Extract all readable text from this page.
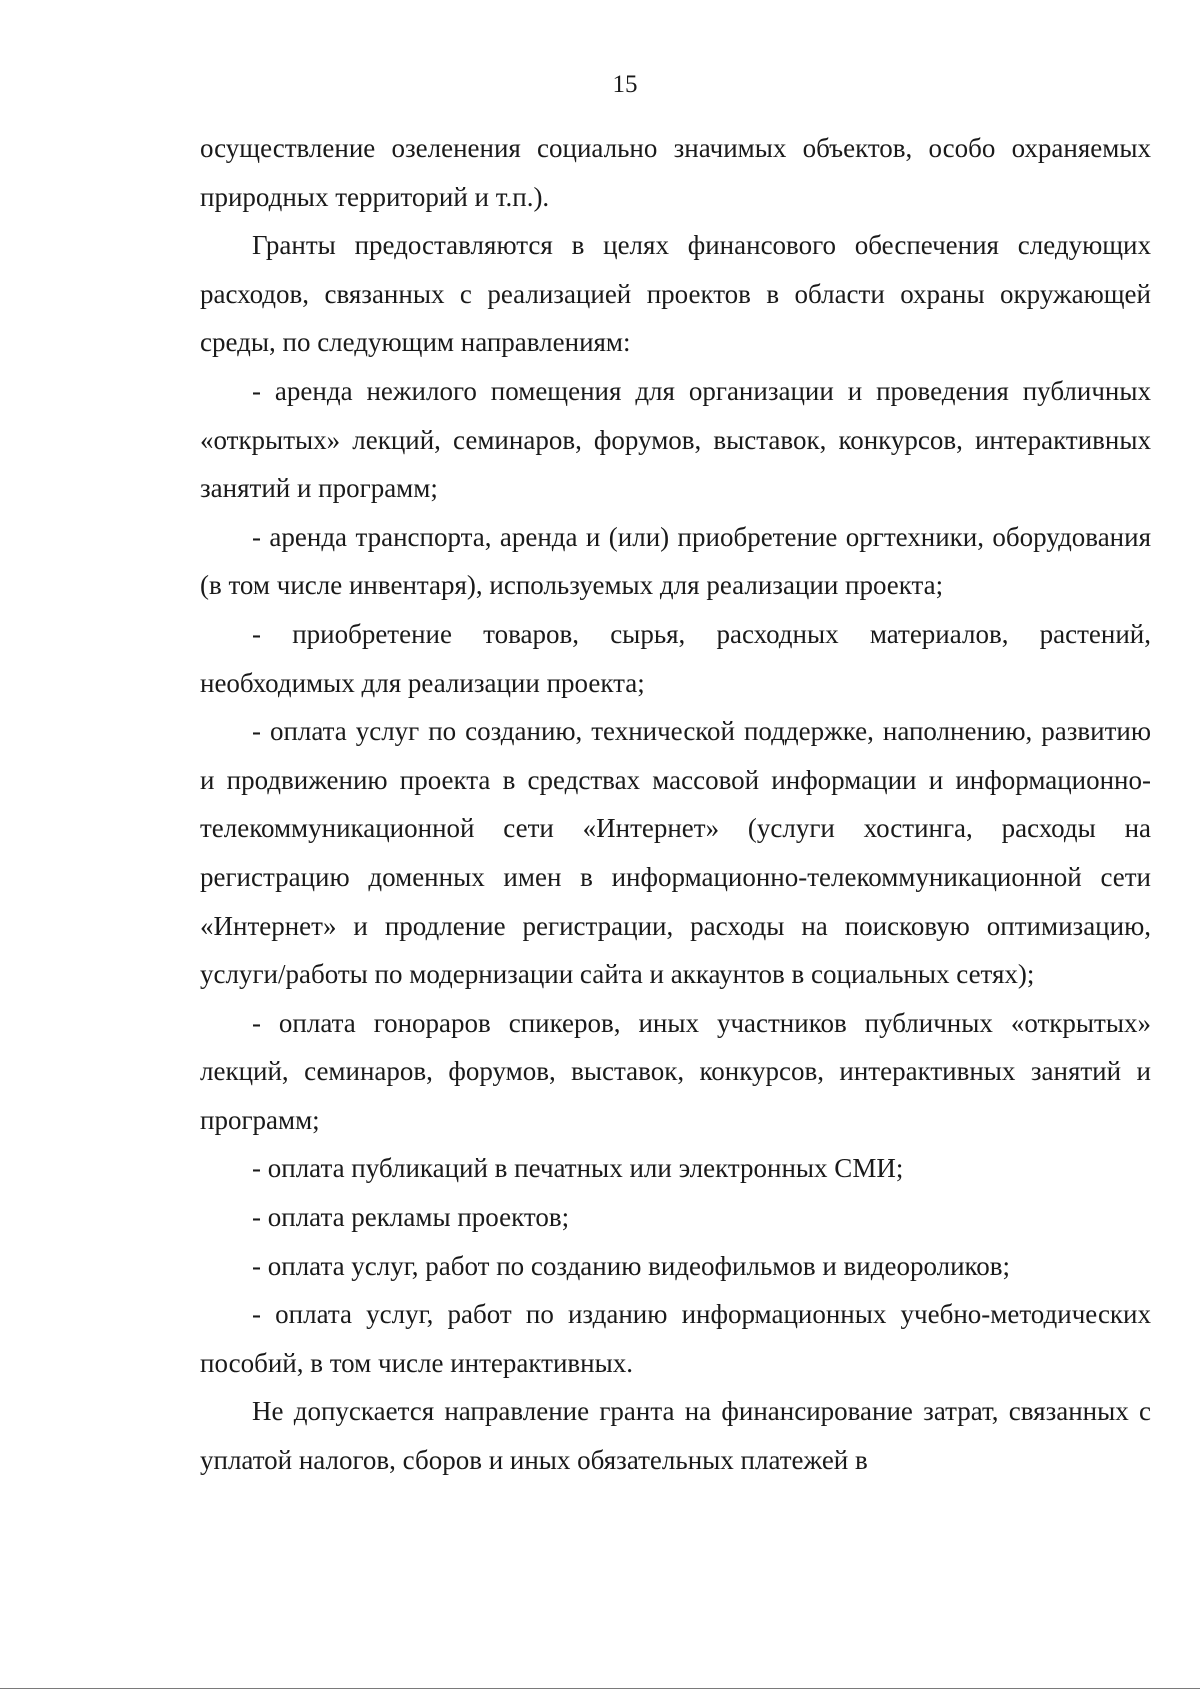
15

осуществление озеленения социально значимых объектов, особо охраняемых природных территорий и т.п.).

Гранты предоставляются в целях финансового обеспечения следующих расходов, связанных с реализацией проектов в области охраны окружающей среды, по следующим направлениям:

- аренда нежилого помещения для организации и проведения публичных «открытых» лекций, семинаров, форумов, выставок, конкурсов, интерактивных занятий и программ;

- аренда транспорта, аренда и (или) приобретение оргтехники, оборудования (в том числе инвентаря), используемых для реализации проекта;

- приобретение товаров, сырья, расходных материалов, растений, необходимых для реализации проекта;

- оплата услуг по созданию, технической поддержке, наполнению, развитию и продвижению проекта в средствах массовой информации и информационно-телекоммуникационной сети «Интернет» (услуги хостинга, расходы на регистрацию доменных имен в информационно-телекоммуникационной сети «Интернет» и продление регистрации, расходы на поисковую оптимизацию, услуги/работы по модернизации сайта и аккаунтов в социальных сетях);

- оплата гонораров спикеров, иных участников публичных «открытых» лекций, семинаров, форумов, выставок, конкурсов, интерактивных занятий и программ;

- оплата публикаций в печатных или электронных СМИ;

- оплата рекламы проектов;

- оплата услуг, работ по созданию видеофильмов и видеороликов;

- оплата услуг, работ по изданию информационных учебно-методических пособий, в том числе интерактивных.

Не допускается направление гранта на финансирование затрат, связанных с уплатой налогов, сборов и иных обязательных платежей в
